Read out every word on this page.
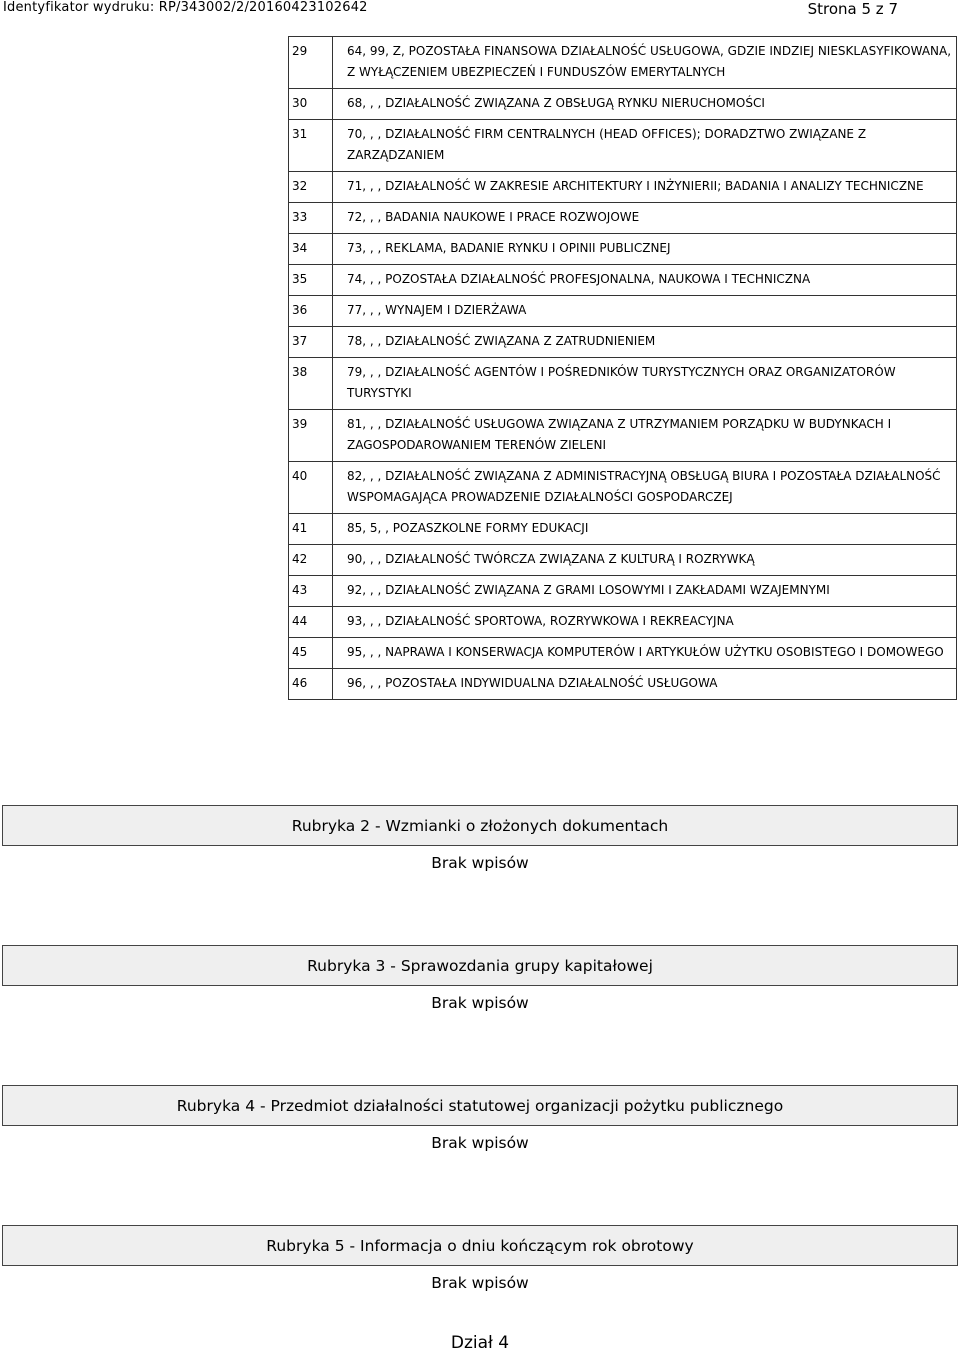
Identyfikator wydruku: RP/343002/2/20160423102642	Strona 5 z 7
29	64, 99, Z, POZOSTAŁA FINANSOWA DZIAŁALNOŚĆ USŁUGOWA, GDZIE INDZIEJ NIESKLASYFIKOWANA, Z WYŁĄCZENIEM UBEZPIECZEŃ I FUNDUSZÓW EMERYTALNYCH
30	68, , , DZIAŁALNOŚĆ ZWIĄZANA Z OBSŁUGĄ RYNKU NIERUCHOMOŚCI
31	70, , , DZIAŁALNOŚĆ FIRM CENTRALNYCH (HEAD OFFICES); DORADZTWO ZWIĄZANE Z ZARZĄDZANIEM
32	71, , , DZIAŁALNOŚĆ W ZAKRESIE ARCHITEKTURY I INŻYNIERII; BADANIA I ANALIZY TECHNICZNE
33	72, , , BADANIA NAUKOWE I PRACE ROZWOJOWE
34	73, , , REKLAMA, BADANIE RYNKU I OPINII PUBLICZNEJ
35	74, , , POZOSTAŁA DZIAŁALNOŚĆ PROFESJONALNA, NAUKOWA I TECHNICZNA
36	77, , , WYNAJEM I DZIERŻAWA
37	78, , , DZIAŁALNOŚĆ ZWIĄZANA Z ZATRUDNIENIEM
38	79, , , DZIAŁALNOŚĆ AGENTÓW I POŚREDNIKÓW TURYSTYCZNYCH ORAZ ORGANIZATORÓW TURYSTYKI
39	81, , , DZIAŁALNOŚĆ USŁUGOWA ZWIĄZANA Z UTRZYMANIEM PORZĄDKU W BUDYNKACH I ZAGOSPODAROWANIEM TERENÓW ZIELENI
40	82, , , DZIAŁALNOŚĆ ZWIĄZANA Z ADMINISTRACYJNĄ OBSŁUGĄ BIURA I POZOSTAŁA DZIAŁALNOŚĆ WSPOMAGAJĄCA PROWADZENIE DZIAŁALNOŚCI GOSPODARCZEJ
41	85, 5, , POZASZKOLNE FORMY EDUKACJI
42	90, , , DZIAŁALNOŚĆ TWÓRCZA ZWIĄZANA Z KULTURĄ I ROZRYWKĄ
43	92, , , DZIAŁALNOŚĆ ZWIĄZANA Z GRAMI LOSOWYMI I ZAKŁADAMI WZAJEMNYMI
44	93, , , DZIAŁALNOŚĆ SPORTOWA, ROZRYWKOWA I REKREACYJNA
45	95, , , NAPRAWA I KONSERWACJA KOMPUTERÓW I ARTYKUŁÓW UŻYTKU OSOBISTEGO I DOMOWEGO
46	96, , , POZOSTAŁA INDYWIDUALNA DZIAŁALNOŚĆ USŁUGOWA
Rubryka 2 - Wzmianki o złożonych dokumentach
Brak wpisów
Rubryka 3 - Sprawozdania grupy kapitałowej
Brak wpisów
Rubryka 4 - Przedmiot działalności statutowej organizacji pożytku publicznego
Brak wpisów
Rubryka 5 - Informacja o dniu kończącym rok obrotowy
Brak wpisów
Dział 4
